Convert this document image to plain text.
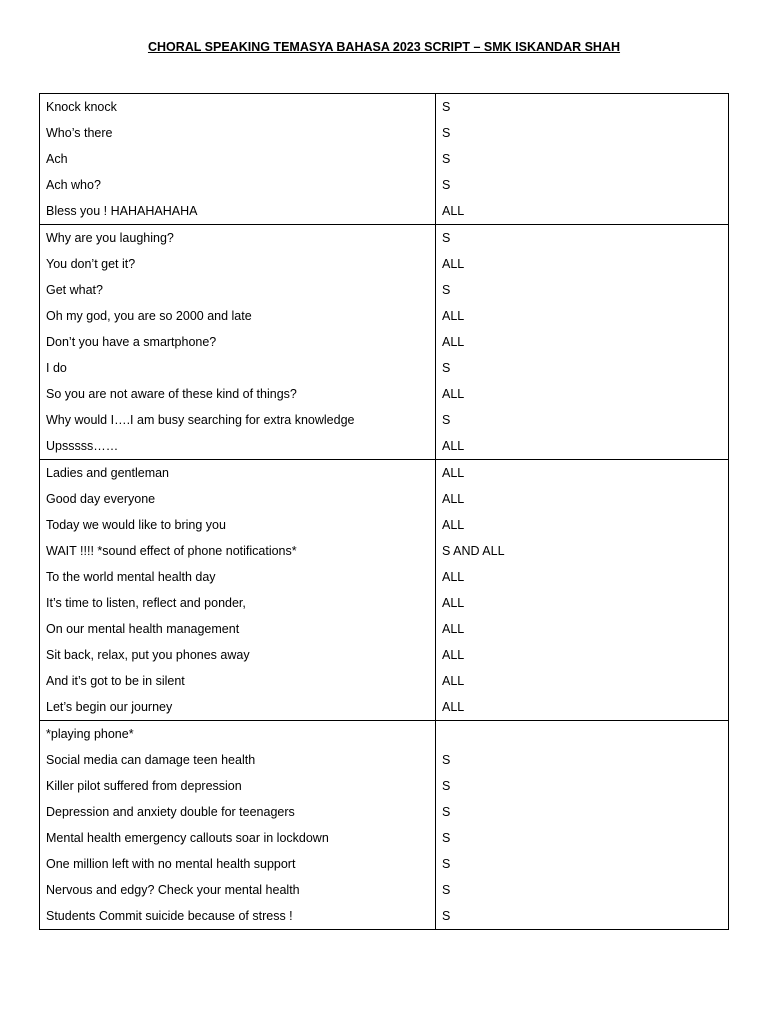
CHORAL SPEAKING TEMASYA BAHASA 2023 SCRIPT – SMK ISKANDAR SHAH
Knock knock	S
Who’s there	S
Ach	S
Ach who?	S
Bless you ! HAHAHAHAHA	ALL
Why are you laughing?	S
You don’t get it?	ALL
Get what?	S
Oh my god, you are so 2000 and late	ALL
Don’t you have a smartphone?	ALL
I do	S
So you are not aware of these kind of things?	ALL
Why would I….I am busy searching for extra knowledge	S
Upsssss……	ALL
Ladies and gentleman	ALL
Good day everyone	ALL
Today we would like to bring you	ALL
WAIT !!!! *sound effect of phone notifications*	S AND ALL
To the world mental health day	ALL
It’s time to listen, reflect and ponder,	ALL
On our mental health management	ALL
Sit back, relax, put you phones away	ALL
And it’s got to be in silent	ALL
Let’s begin our journey	ALL
*playing phone*	
Social media can damage teen health	S
Killer pilot suffered from depression	S
Depression and anxiety double for teenagers	S
Mental health emergency callouts soar in lockdown	S
One million left with no mental health support	S
Nervous and edgy? Check your mental health	S
Students Commit suicide because of stress !	S
